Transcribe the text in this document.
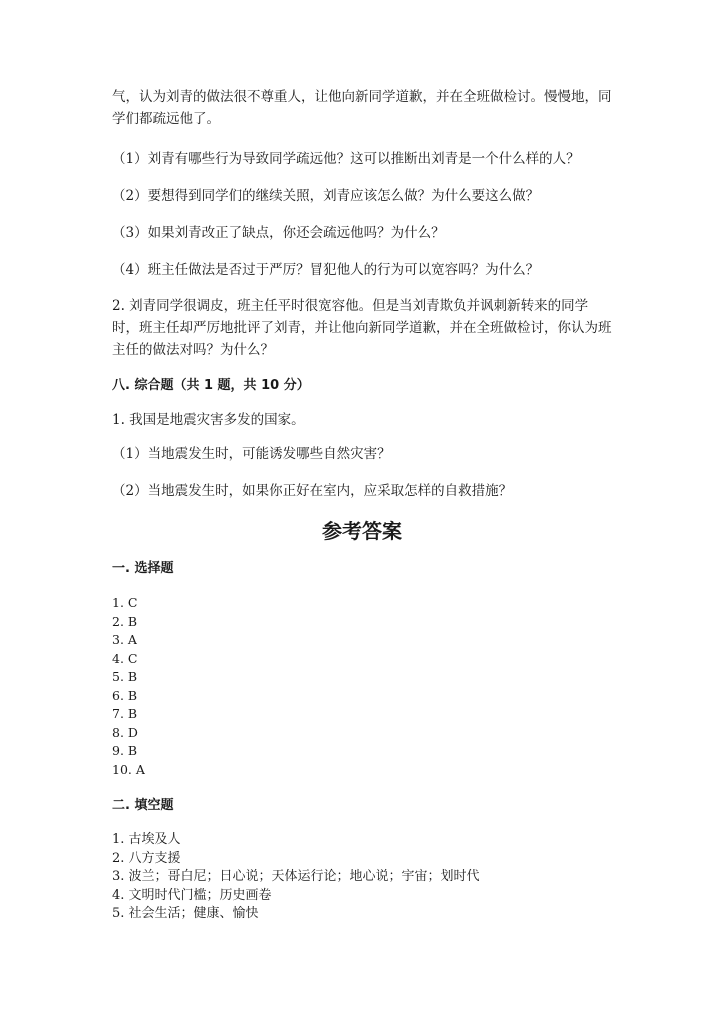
气，认为刘青的做法很不尊重人，让他向新同学道歉，并在全班做检讨。慢慢地，同学们都疏远他了。

（1）刘青有哪些行为导致同学疏远他？这可以推断出刘青是一个什么样的人？

（2）要想得到同学们的继续关照，刘青应该怎么做？为什么要这么做？

（3）如果刘青改正了缺点，你还会疏远他吗？为什么？

（4）班主任做法是否过于严厉？冒犯他人的行为可以宽容吗？为什么？

2. 刘青同学很调皮，班主任平时很宽容他。但是当刘青欺负并讽刺新转来的同学时，班主任却严厉地批评了刘青，并让他向新同学道歉，并在全班做检讨，你认为班主任的做法对吗？为什么？

八. 综合题（共 1 题，共 10 分）

1. 我国是地震灾害多发的国家。

（1）当地震发生时，可能诱发哪些自然灾害？

（2）当地震发生时，如果你正好在室内，应采取怎样的自救措施？

参考答案

一. 选择题

1. C

2. B

3. A

4. C

5. B

6. B

7. B

8. D

9. B

10. A

二. 填空题

1. 古埃及人

2. 八方支援

3. 波兰；哥白尼；日心说；天体运行论；地心说；宇宙；划时代

4. 文明时代门槛；历史画卷

5. 社会生活；健康、愉快
